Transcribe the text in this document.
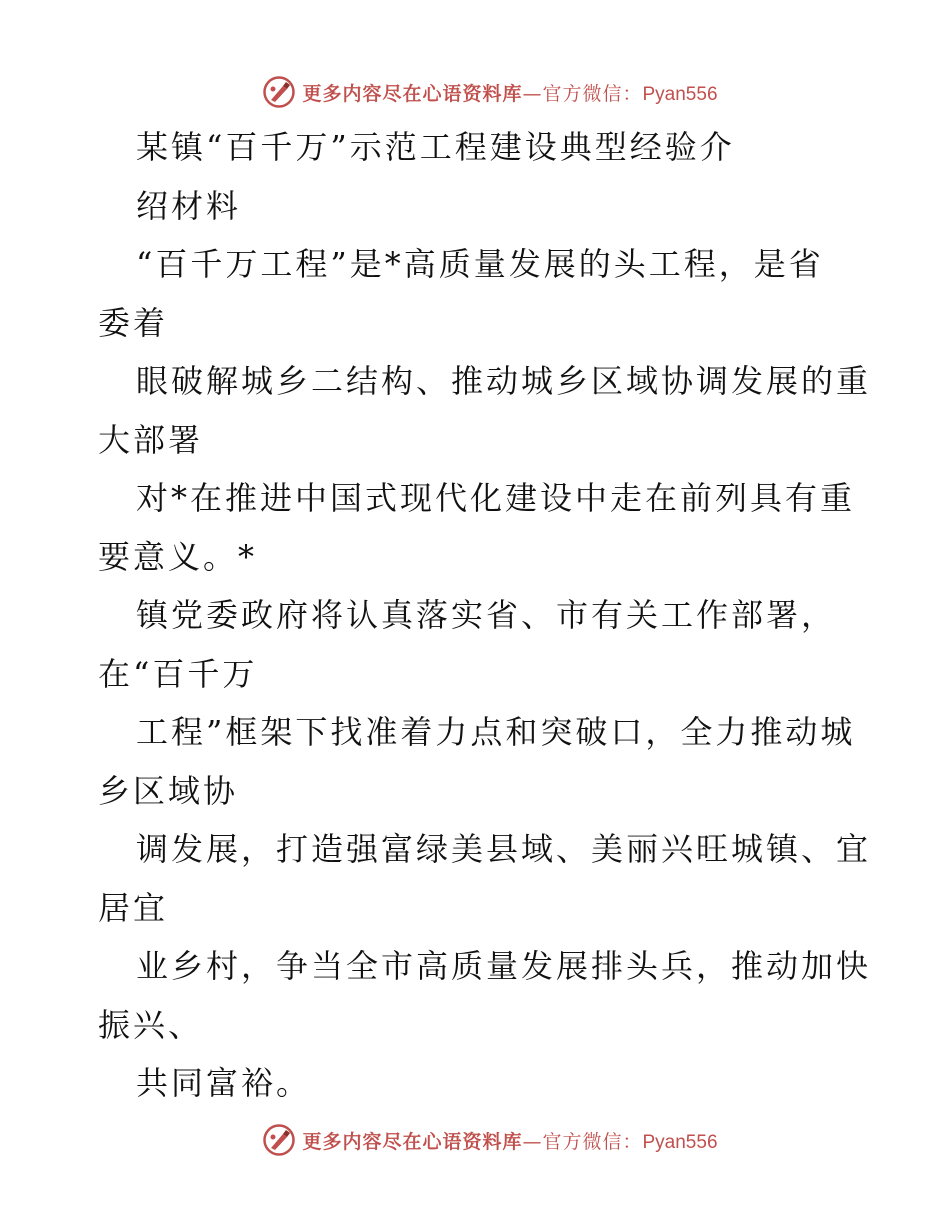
更多内容尽在心语资料库—官方微信：Pyan556
某镇“百千万”示范工程建设典型经验介
绍材料
“百千万工程”是*高质量发展的头工程，是省
委着
眼破解城乡二结构、推动城乡区域协调发展的重
大部署
对*在推进中国式现代化建设中走在前列具有重
要意义。*
镇党委政府将认真落实省、市有关工作部署，
在“百千万
工程”框架下找准着力点和突破口，全力推动城
乡区域协
调发展，打造强富绿美县域、美丽兴旺城镇、宜
居宜
业乡村，争当全市高质量发展排头兵，推动加快
振兴、
共同富裕。
更多内容尽在心语资料库—官方微信：Pyan556
